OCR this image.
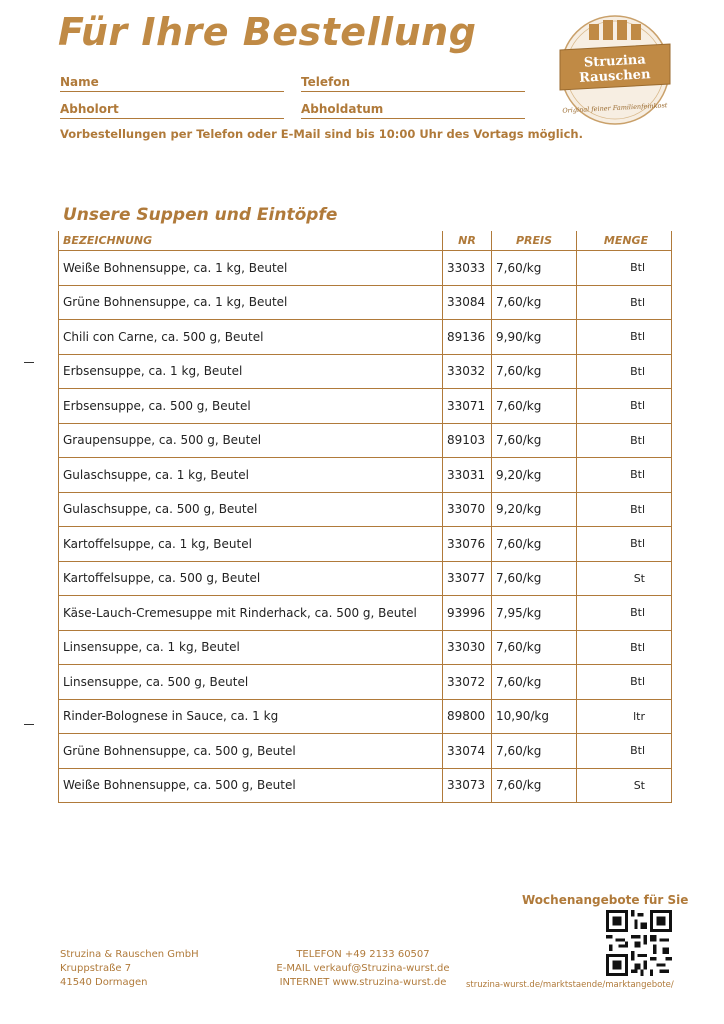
Für Ihre Bestellung
Name	Telefon
Abholort	Abholdatum
Vorbestellungen per Telefon oder E-Mail sind bis 10:00 Uhr des Vortags möglich.
Struzina
Rauschen
Original feiner Familienfeinkost
Unsere Suppen und Eintöpfe
BEZEICHNUNG	NR	PREIS	MENGE
Weiße Bohnensuppe, ca. 1 kg, Beutel	33033	7,60/kg	Btl
Grüne Bohnensuppe, ca. 1 kg, Beutel	33084	7,60/kg	Btl
Chili con Carne, ca. 500 g, Beutel	89136	9,90/kg	Btl
Erbsensuppe, ca. 1 kg, Beutel	33032	7,60/kg	Btl
Erbsensuppe, ca. 500 g, Beutel	33071	7,60/kg	Btl
Graupensuppe, ca. 500 g, Beutel	89103	7,60/kg	Btl
Gulaschsuppe, ca. 1 kg, Beutel	33031	9,20/kg	Btl
Gulaschsuppe, ca. 500 g, Beutel	33070	9,20/kg	Btl
Kartoffelsuppe, ca. 1 kg, Beutel	33076	7,60/kg	Btl
Kartoffelsuppe, ca. 500 g, Beutel	33077	7,60/kg	St
Käse-Lauch-Cremesuppe mit Rinderhack, ca. 500 g, Beutel	93996	7,95/kg	Btl
Linsensuppe, ca. 1 kg, Beutel	33030	7,60/kg	Btl
Linsensuppe, ca. 500 g, Beutel	33072	7,60/kg	Btl
Rinder-Bolognese in Sauce, ca. 1 kg	89800	10,90/kg	ltr
Grüne Bohnensuppe, ca. 500 g, Beutel	33074	7,60/kg	Btl
Weiße Bohnensuppe, ca. 500 g, Beutel	33073	7,60/kg	St
Struzina & Rauschen GmbH
Kruppstraße 7
41540 Dormagen
TELEFON +49 2133 60507
E-MAIL verkauf@Struzina-wurst.de
INTERNET www.struzina-wurst.de
Wochenangebote für Sie
struzina-wurst.de/marktstaende/marktangebote/
